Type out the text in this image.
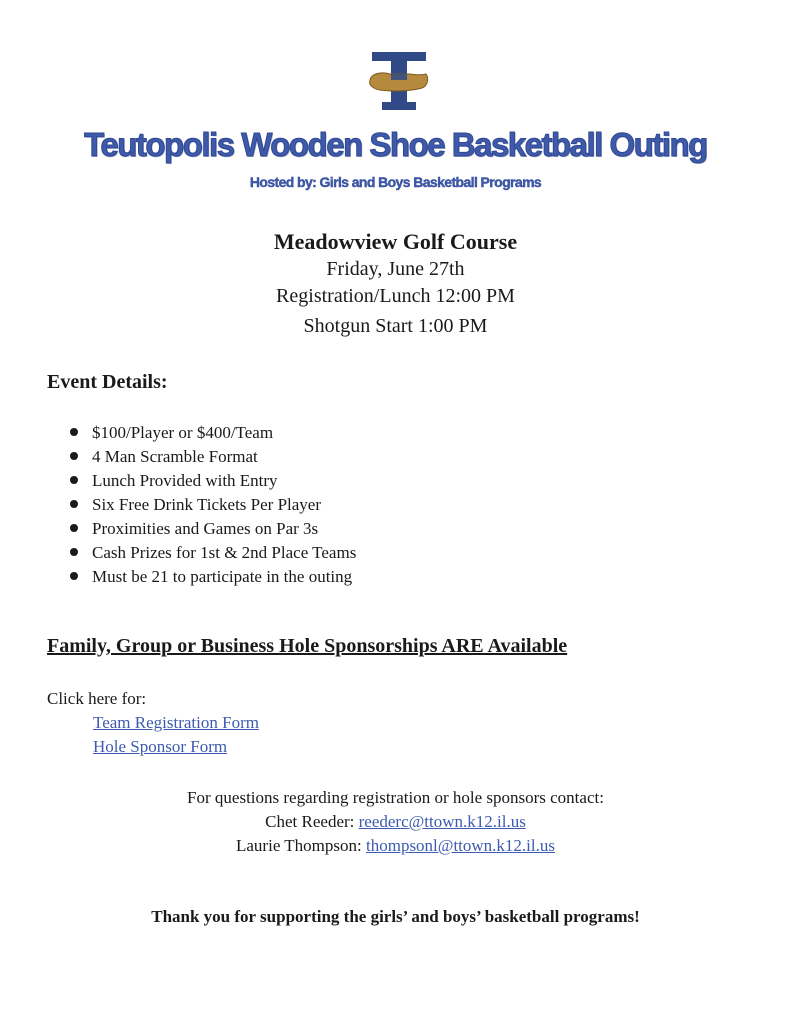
Teutopolis Wooden Shoe Basketball Outing
Hosted by: Girls and Boys Basketball Programs
Meadowview Golf Course
Friday, June 27th
Registration/Lunch 12:00 PM
Shotgun Start 1:00 PM
Event Details:
$100/Player or $400/Team
4 Man Scramble Format
Lunch Provided with Entry
Six Free Drink Tickets Per Player
Proximities and Games on Par 3s
Cash Prizes for 1st & 2nd Place Teams
Must be 21 to participate in the outing
Family, Group or Business Hole Sponsorships ARE Available
Click here for:
Team Registration Form
Hole Sponsor Form
For questions regarding registration or hole sponsors contact:
Chet Reeder: reederc@ttown.k12.il.us
Laurie Thompson: thompsonl@ttown.k12.il.us
Thank you for supporting the girls’ and boys’ basketball programs!
